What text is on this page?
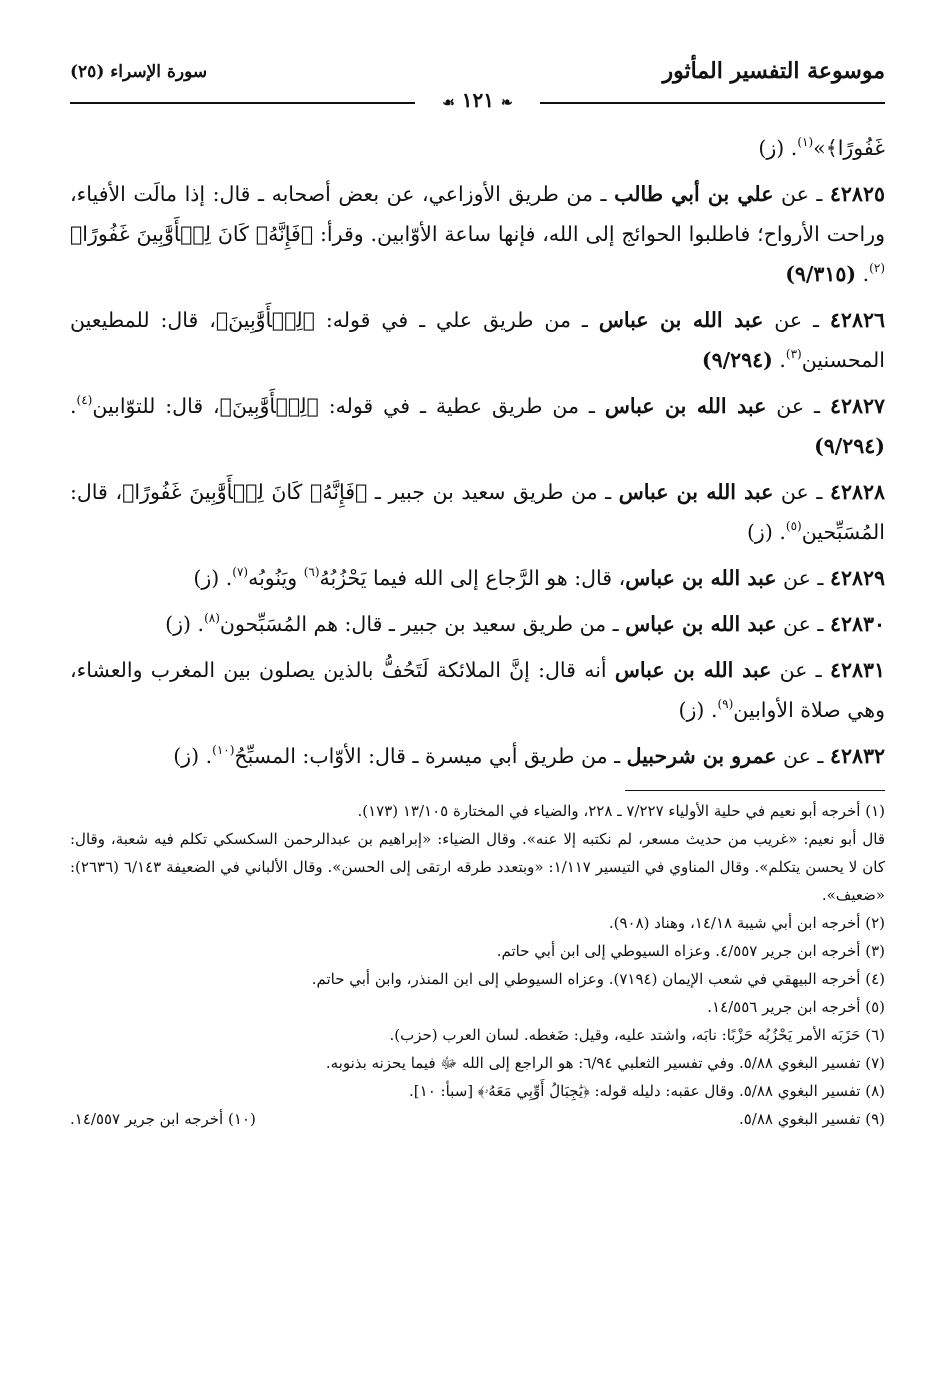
موسوعة التفسير المأثور
سورة الإسراء (٢٥)
❧ ١٢١ ☙

غَفُورًا﴾»$^{(١)}$. (ز)

٤٢٨٢٥ ـ عن علي بن أبي طالب ـ من طريق الأوزاعي، عن بعض أصحابه ـ قال: إذا مالَت الأفياء، وراحت الأرواح؛ فاطلبوا الحوائج إلى الله، فإنها ساعة الأوّابين. وقرأ: ﴿فَإِنَّهُۥ كَانَ لِلۡأَوَّٰبِينَ غَفُورًا﴾$^{(٢)}$. (٩/٣١٥)

٤٢٨٢٦ ـ عن عبد الله بن عباس ـ من طريق علي ـ في قوله: ﴿لِلۡأَوَّٰبِينَ﴾، قال: للمطيعين المحسنين$^{(٣)}$. (٩/٢٩٤)

٤٢٨٢٧ ـ عن عبد الله بن عباس ـ من طريق عطية ـ في قوله: ﴿لِلۡأَوَّٰبِينَ﴾، قال: للتوّابين$^{(٤)}$. (٩/٢٩٤)

٤٢٨٢٨ ـ عن عبد الله بن عباس ـ من طريق سعيد بن جبير ـ ﴿فَإِنَّهُۥ كَانَ لِلۡأَوَّٰبِينَ غَفُورًا﴾، قال: المُسَبِّحين$^{(٥)}$. (ز)

٤٢٨٢٩ ـ عن عبد الله بن عباس، قال: هو الرَّجاع إلى الله فيما يَحْزُبُهُ$^{(٦)}$ ويَنُوبُه$^{(٧)}$. (ز)

٤٢٨٣٠ ـ عن عبد الله بن عباس ـ من طريق سعيد بن جبير ـ قال: هم المُسَبِّحون$^{(٨)}$. (ز)

٤٢٨٣١ ـ عن عبد الله بن عباس أنه قال: إنَّ الملائكة لَتَحُفُّ بالذين يصلون بين المغرب والعشاء، وهي صلاة الأوابين$^{(٩)}$. (ز)

٤٢٨٣٢ ـ عن عمرو بن شرحبيل ـ من طريق أبي ميسرة ـ قال: الأوّاب: المسبِّحُ$^{(١٠)}$. (ز)

(١) أخرجه أبو نعيم في حلية الأولياء ٧/٢٢٧ ـ ٢٢٨، والضياء في المختارة ١٣/١٠٥ (١٧٣).

قال أبو نعيم: «غريب من حديث مسعر، لم نكتبه إلا عنه». وقال الضياء: «إبراهيم بن عبدالرحمن السكسكي تكلم فيه شعبة، وقال: كان لا يحسن يتكلم». وقال المناوي في التيسير ١/١١٧: «وبتعدد طرقه ارتقى إلى الحسن». وقال الألباني في الضعيفة ٦/١٤٣ (٢٦٣٦): «ضعيف».

(٢) أخرجه ابن أبي شيبة ١٤/١٨، وهناد (٩٠٨).

(٣) أخرجه ابن جرير ٤/٥٥٧. وعزاه السيوطي إلى ابن أبي حاتم.

(٤) أخرجه البيهقي في شعب الإيمان (٧١٩٤). وعزاه السيوطي إلى ابن المنذر، وابن أبي حاتم.

(٥) أخرجه ابن جرير ١٤/٥٥٦.

(٦) حَزَبَه الأمر يَحْزُبُه حَزْبًا: نابَه، واشتد عليه، وقيل: ضَغطه. لسان العرب (حزب).

(٧) تفسير البغوي ٥/٨٨. وفي تفسير الثعلبي ٦/٩٤: هو الراجع إلى الله ﷻ فيما يحزنه بذنوبه.

(٨) تفسير البغوي ٥/٨٨. وقال عقبه: دليله قوله: ﴿يَٰجِبَالُ أَوِّبِي مَعَهُۥ﴾ [سبأ: ١٠].

(٩) تفسير البغوي ٥/٨٨.
(١٠) أخرجه ابن جرير ١٤/٥٥٧.
